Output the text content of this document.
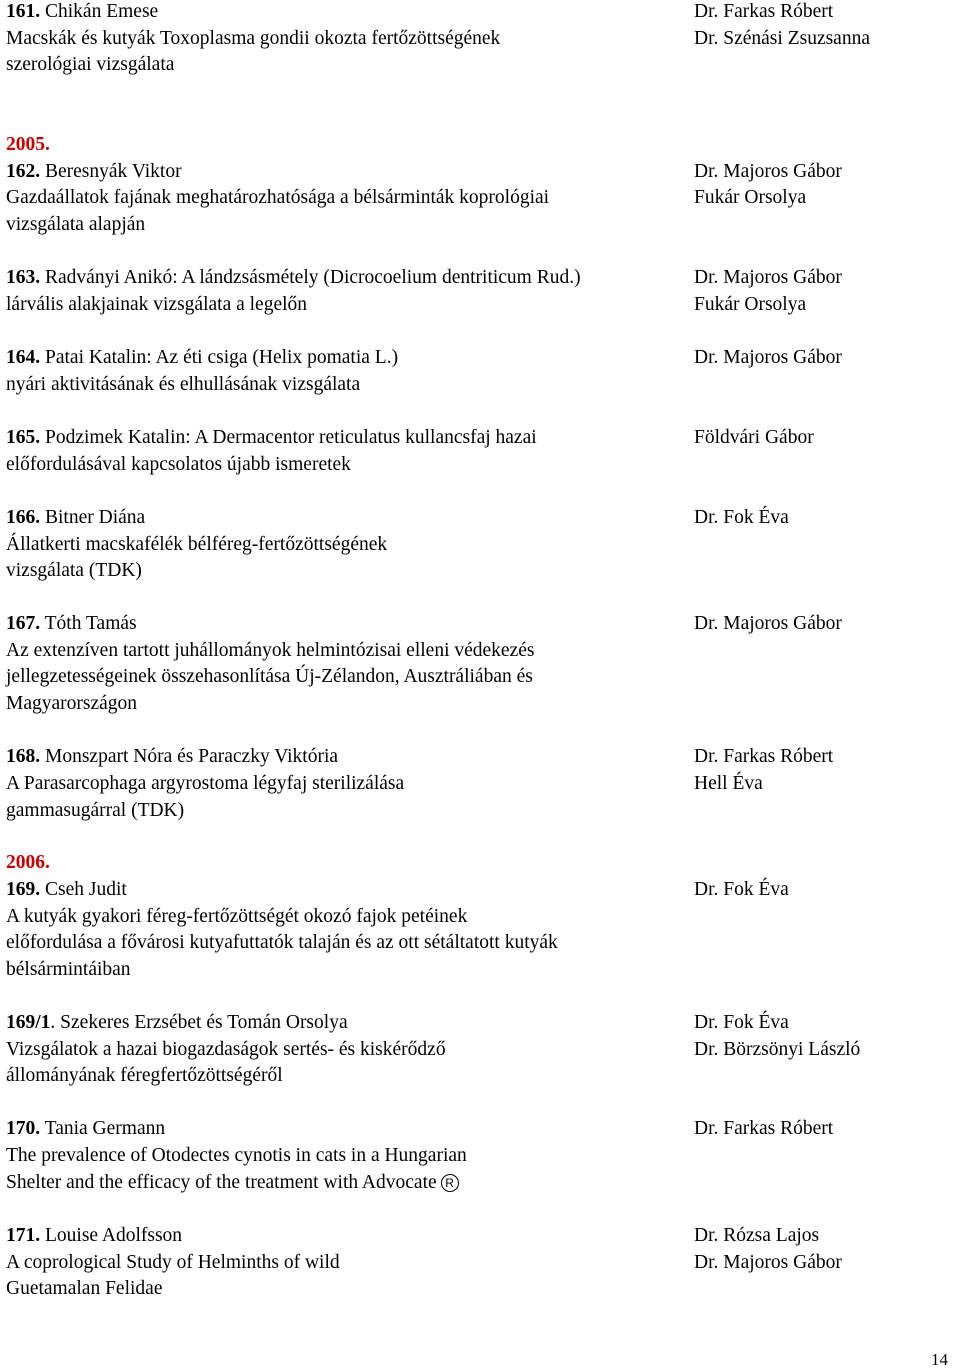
161. Chikán Emese
Macskák és kutyák Toxoplasma gondii okozta fertőzöttségének
szerológiai vizsgálata
Dr. Farkas Róbert
Dr. Szénási Zsuzsanna
2005.
162. Beresnyák Viktor
Gazdaállatok fajának meghatározhatósága a bélsárminták koprológiai
vizsgálata alapján
Dr. Majoros Gábor
Fukár Orsolya
163. Radványi Anikó: A lándzsásmétely (Dicrocoelium dentriticum Rud.)
lárvális alakjainak vizsgálata a legelőn
Dr. Majoros Gábor
Fukár Orsolya
164. Patai Katalin: Az éti csiga (Helix pomatia L.)
nyári aktivitásának és elhullásának vizsgálata
Dr. Majoros Gábor
165. Podzimek Katalin: A Dermacentor reticulatus kullancsfaj hazai
előfordulásával kapcsolatos újabb ismeretek
Földvári Gábor
166. Bitner Diána
Állatkerti macskafélék bélféreg-fertőzöttségének
vizsgálata (TDK)
Dr. Fok Éva
167. Tóth Tamás
Az extenzíven tartott juhállományok helmintózisai elleni védekezés
jellegzetességeinek összehasonlítása Új-Zélandon, Ausztráliában és
Magyarországon
Dr. Majoros Gábor
168. Monszpart Nóra és Paraczky Viktória
A Parasarcophaga argyrostoma légyfaj sterilizálása
gammasugárral (TDK)
Dr. Farkas Róbert
Hell Éva
2006.
169. Cseh Judit
A kutyák gyakori féreg-fertőzöttségét okozó fajok petéinek
előfordulása a fővárosi kutyafuttatók talaján és az ott sétáltatott kutyák
bélsármintáiban
Dr. Fok Éva
169/1. Szekeres Erzsébet és Tomán Orsolya
Vizsgálatok a hazai biogazdaságok sertés- és kiskérődző
állományának féregfertőzöttségéről
Dr. Fok Éva
Dr. Börzsönyi László
170. Tania Germann
The prevalence of Otodectes cynotis in cats in a Hungarian
Shelter and the efficacy of the treatment with Advocate R
Dr. Farkas Róbert
171. Louise Adolfsson
A coprological Study of Helminths of wild
Guetamalan Felidae
Dr. Rózsa Lajos
Dr. Majoros Gábor
14
